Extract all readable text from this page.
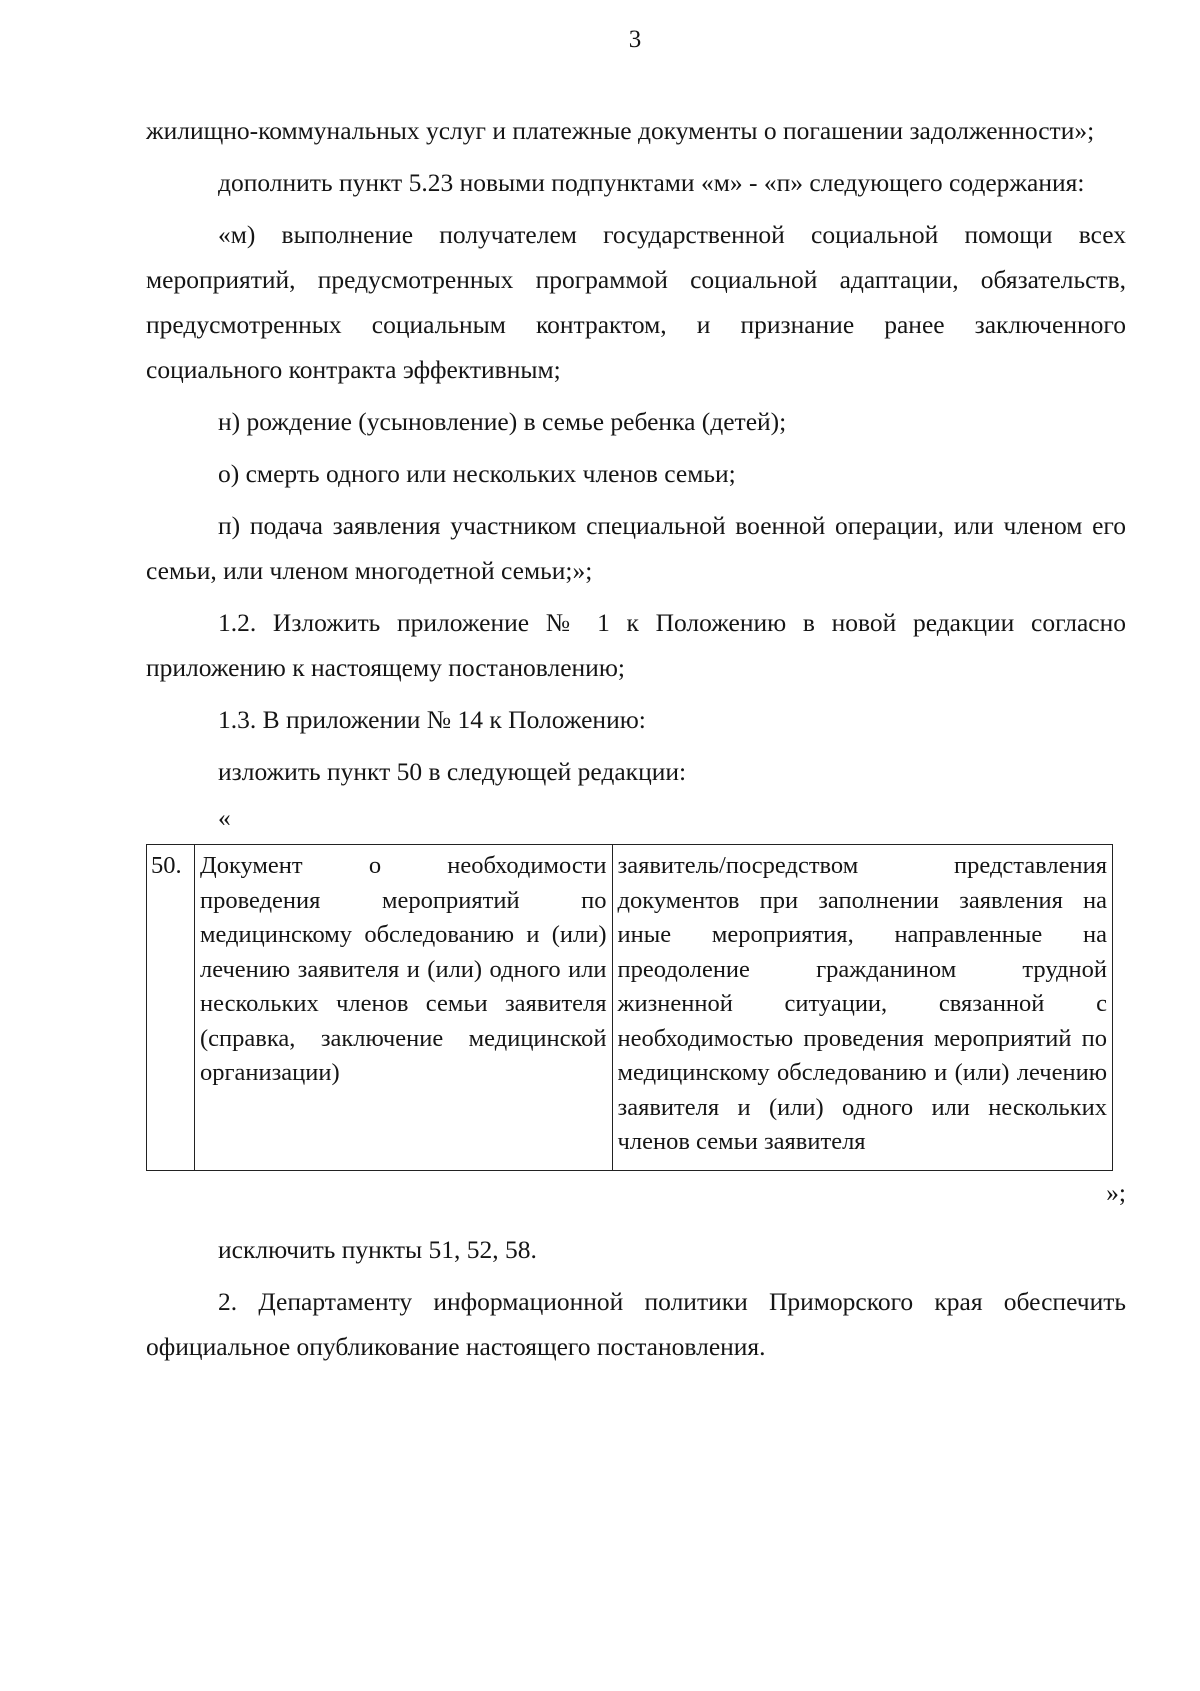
3

жилищно-коммунальных услуг и платежные документы о погашении задолженности»;

дополнить пункт 5.23 новыми подпунктами «м» - «п» следующего содержания:

«м) выполнение получателем государственной социальной помощи всех мероприятий, предусмотренных программой социальной адаптации, обязательств, предусмотренных социальным контрактом, и признание ранее заключенного социального контракта эффективным;

н) рождение (усыновление) в семье ребенка (детей);

о) смерть одного или нескольких членов семьи;

п) подача заявления участником специальной военной операции, или членом его семьи, или членом многодетной семьи;»;

1.2. Изложить приложение № 1 к Положению в новой редакции согласно приложению к настоящему постановлению;

1.3. В приложении № 14 к Положению:

изложить пункт 50 в следующей редакции:

«
50.	Документ о необходимости проведения мероприятий по медицинскому обследованию и (или) лечению заявителя и (или) одного или нескольких членов семьи заявителя (справка, заключение медицинской организации)	заявитель/посредством представления документов при заполнении заявления на иные мероприятия, направленные на преодоление гражданином трудной жизненной ситуации, связанной с необходимостью проведения мероприятий по медицинскому обследованию и (или) лечению заявителя и (или) одного или нескольких членов семьи заявителя
»;

исключить пункты 51, 52, 58.

2. Департаменту информационной политики Приморского края обеспечить официальное опубликование настоящего постановления.
